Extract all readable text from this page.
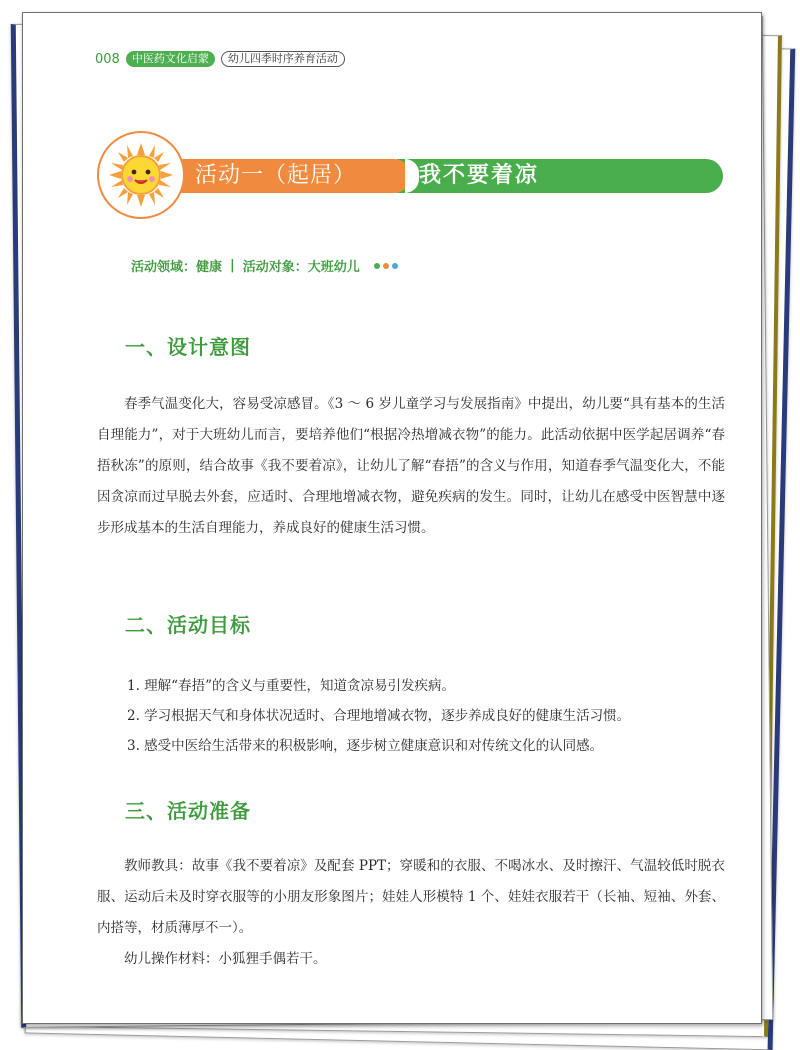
008	中医药文化启蒙	幼儿四季时序养育活动
活动一（起居）	我不要着凉
活动领域：健康 | 活动对象：大班幼儿
一、设计意图

春季气温变化大，容易受凉感冒。《3 ～ 6 岁儿童学习与发展指南》中提出，幼儿要“具有基本的生活自理能力”，对于大班幼儿而言，要培养他们“根据冷热增减衣物”的能力。此活动依据中医学起居调养“春捂秋冻”的原则，结合故事《我不要着凉》，让幼儿了解“春捂”的含义与作用，知道春季气温变化大，不能因贪凉而过早脱去外套，应适时、合理地增减衣物，避免疾病的发生。同时，让幼儿在感受中医智慧中逐步形成基本的生活自理能力，养成良好的健康生活习惯。

二、活动目标
1. 理解“春捂”的含义与重要性，知道贪凉易引发疾病。
2. 学习根据天气和身体状况适时、合理地增减衣物，逐步养成良好的健康生活习惯。
3. 感受中医给生活带来的积极影响，逐步树立健康意识和对传统文化的认同感。
三、活动准备

教师教具：故事《我不要着凉》及配套 PPT；穿暖和的衣服、不喝冰水、及时擦汗、气温较低时脱衣服、运动后未及时穿衣服等的小朋友形象图片；娃娃人形模特 1 个、娃娃衣服若干（长袖、短袖、外套、内搭等，材质薄厚不一）。

幼儿操作材料：小狐狸手偶若干。
